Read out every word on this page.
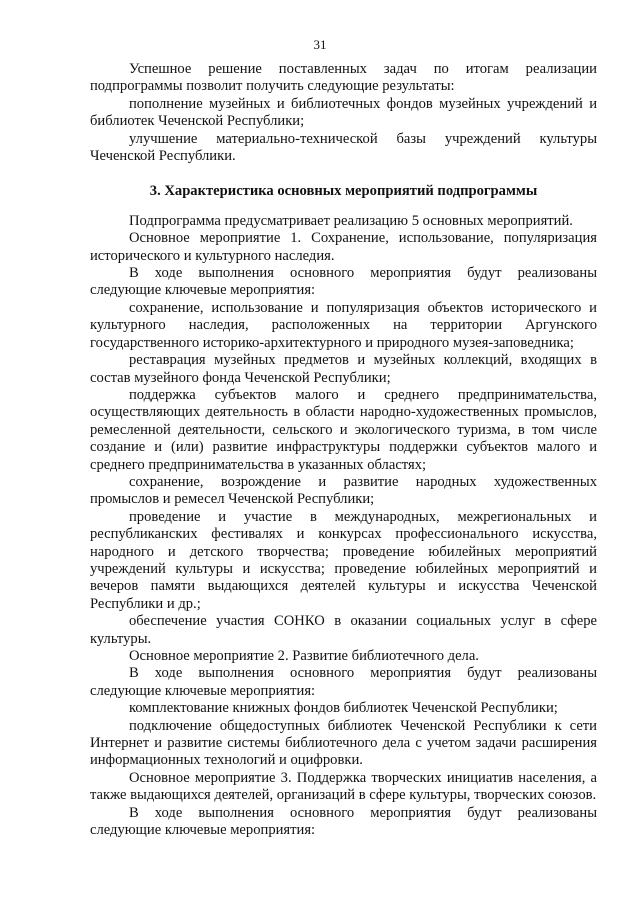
31

Успешное решение поставленных задач по итогам реализации подпрограммы позволит получить следующие результаты:

пополнение музейных и библиотечных фондов музейных учреждений и библиотек Чеченской Республики;

улучшение материально-технической базы учреждений культуры Чеченской Республики.

3. Характеристика основных мероприятий подпрограммы

Подпрограмма предусматривает реализацию 5 основных мероприятий.

Основное мероприятие 1. Сохранение, использование, популяризация исторического и культурного наследия.

В ходе выполнения основного мероприятия будут реализованы следующие ключевые мероприятия:

сохранение, использование и популяризация объектов исторического и культурного наследия, расположенных на территории Аргунского государственного историко-архитектурного и природного музея-заповедника;

реставрация музейных предметов и музейных коллекций, входящих в состав музейного фонда Чеченской Республики;

поддержка субъектов малого и среднего предпринимательства, осуществляющих деятельность в области народно-художественных промыслов, ремесленной деятельности, сельского и экологического туризма, в том числе создание и (или) развитие инфраструктуры поддержки субъектов малого и среднего предпринимательства в указанных областях;

сохранение, возрождение и развитие народных художественных промыслов и ремесел Чеченской Республики;

проведение и участие в международных, межрегиональных и республиканских фестивалях и конкурсах профессионального искусства, народного и детского творчества; проведение юбилейных мероприятий учреждений культуры и искусства; проведение юбилейных мероприятий и вечеров памяти выдающихся деятелей культуры и искусства Чеченской Республики и др.;

обеспечение участия СОНКО в оказании социальных услуг в сфере культуры.

Основное мероприятие 2. Развитие библиотечного дела.

В ходе выполнения основного мероприятия будут реализованы следующие ключевые мероприятия:

комплектование книжных фондов библиотек Чеченской Республики;

подключение общедоступных библиотек Чеченской Республики к сети Интернет и развитие системы библиотечного дела с учетом задачи расширения информационных технологий и оцифровки.

Основное мероприятие 3. Поддержка творческих инициатив населения, а также выдающихся деятелей, организаций в сфере культуры, творческих союзов.

В ходе выполнения основного мероприятия будут реализованы следующие ключевые мероприятия:
